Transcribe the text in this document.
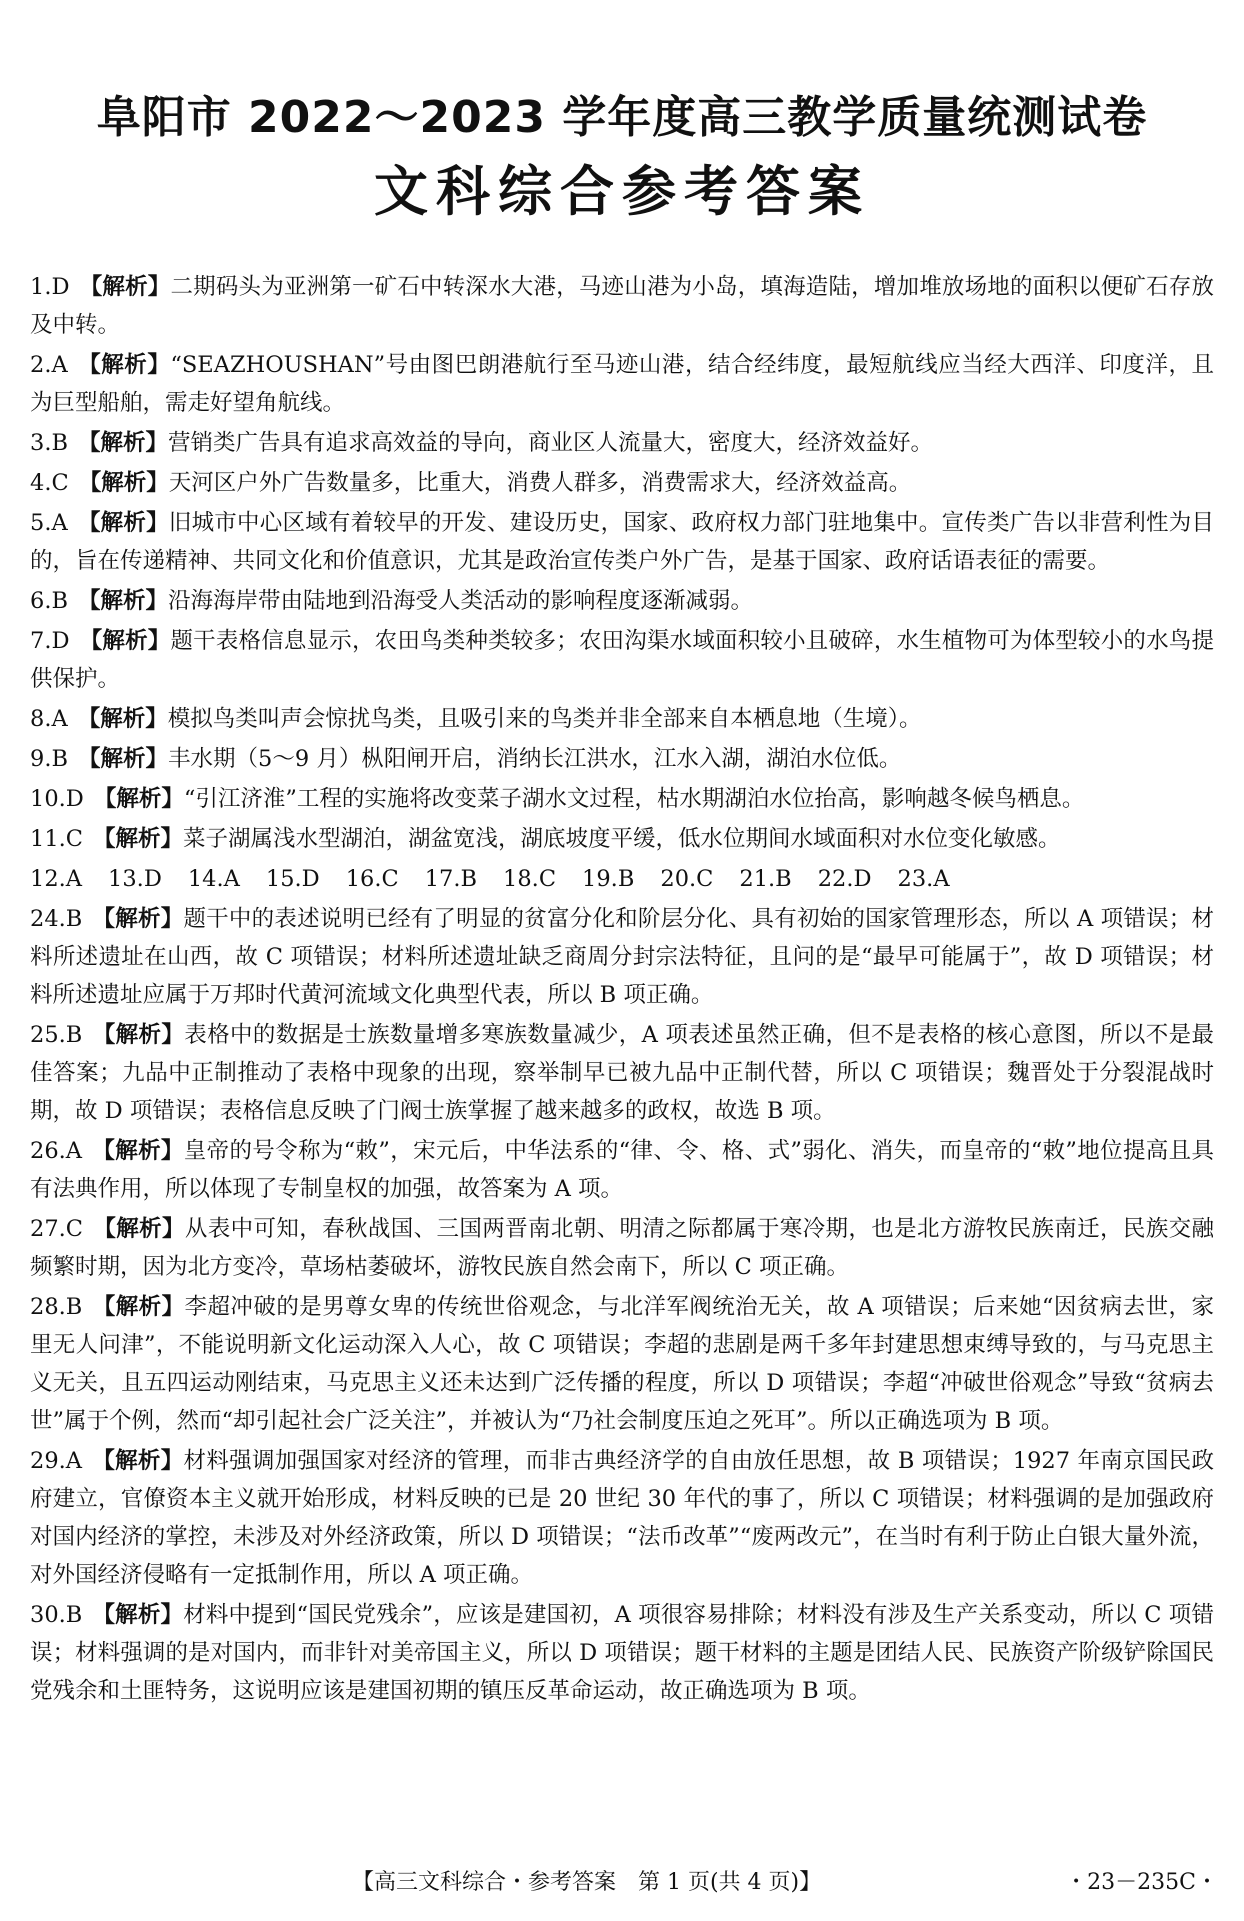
阜阳市 2022～2023 学年度高三教学质量统测试卷
文科综合参考答案
1.D 【解析】二期码头为亚洲第一矿石中转深水大港，马迹山港为小岛，填海造陆，增加堆放场地的面积以便矿石存放及中转。
2.A 【解析】“SEAZHOUSHAN”号由图巴朗港航行至马迹山港，结合经纬度，最短航线应当经大西洋、印度洋，且为巨型船舶，需走好望角航线。
3.B 【解析】营销类广告具有追求高效益的导向，商业区人流量大，密度大，经济效益好。
4.C 【解析】天河区户外广告数量多，比重大，消费人群多，消费需求大，经济效益高。
5.A 【解析】旧城市中心区域有着较早的开发、建设历史，国家、政府权力部门驻地集中。宣传类广告以非营利性为目的，旨在传递精神、共同文化和价值意识，尤其是政治宣传类户外广告，是基于国家、政府话语表征的需要。
6.B 【解析】沿海海岸带由陆地到沿海受人类活动的影响程度逐渐减弱。
7.D 【解析】题干表格信息显示，农田鸟类种类较多；农田沟渠水域面积较小且破碎，水生植物可为体型较小的水鸟提供保护。
8.A 【解析】模拟鸟类叫声会惊扰鸟类，且吸引来的鸟类并非全部来自本栖息地（生境）。
9.B 【解析】丰水期（5～9 月）枞阳闸开启，消纳长江洪水，江水入湖，湖泊水位低。
10.D 【解析】“引江济淮”工程的实施将改变菜子湖水文过程，枯水期湖泊水位抬高，影响越冬候鸟栖息。
11.C 【解析】菜子湖属浅水型湖泊，湖盆宽浅，湖底坡度平缓，低水位期间水域面积对水位变化敏感。
12.A 13.D 14.A 15.D 16.C 17.B 18.C 19.B 20.C 21.B 22.D 23.A
24.B 【解析】题干中的表述说明已经有了明显的贫富分化和阶层分化、具有初始的国家管理形态，所以 A 项错误；材料所述遗址在山西，故 C 项错误；材料所述遗址缺乏商周分封宗法特征，且问的是“最早可能属于”，故 D 项错误；材料所述遗址应属于万邦时代黄河流域文化典型代表，所以 B 项正确。
25.B 【解析】表格中的数据是士族数量增多寒族数量减少，A 项表述虽然正确，但不是表格的核心意图，所以不是最佳答案；九品中正制推动了表格中现象的出现，察举制早已被九品中正制代替，所以 C 项错误；魏晋处于分裂混战时期，故 D 项错误；表格信息反映了门阀士族掌握了越来越多的政权，故选 B 项。
26.A 【解析】皇帝的号令称为“敕”，宋元后，中华法系的“律、令、格、式”弱化、消失，而皇帝的“敕”地位提高且具有法典作用，所以体现了专制皇权的加强，故答案为 A 项。
27.C 【解析】从表中可知，春秋战国、三国两晋南北朝、明清之际都属于寒冷期，也是北方游牧民族南迁，民族交融频繁时期，因为北方变冷，草场枯萎破坏，游牧民族自然会南下，所以 C 项正确。
28.B 【解析】李超冲破的是男尊女卑的传统世俗观念，与北洋军阀统治无关，故 A 项错误；后来她“因贫病去世，家里无人问津”，不能说明新文化运动深入人心，故 C 项错误；李超的悲剧是两千多年封建思想束缚导致的，与马克思主义无关，且五四运动刚结束，马克思主义还未达到广泛传播的程度，所以 D 项错误；李超“冲破世俗观念”导致“贫病去世”属于个例，然而“却引起社会广泛关注”，并被认为“乃社会制度压迫之死耳”。所以正确选项为 B 项。
29.A 【解析】材料强调加强国家对经济的管理，而非古典经济学的自由放任思想，故 B 项错误；1927 年南京国民政府建立，官僚资本主义就开始形成，材料反映的已是 20 世纪 30 年代的事了，所以 C 项错误；材料强调的是加强政府对国内经济的掌控，未涉及对外经济政策，所以 D 项错误；“法币改革”“废两改元”，在当时有利于防止白银大量外流，对外国经济侵略有一定抵制作用，所以 A 项正确。
30.B 【解析】材料中提到“国民党残余”，应该是建国初，A 项很容易排除；材料没有涉及生产关系变动，所以 C 项错误；材料强调的是对国内，而非针对美帝国主义，所以 D 项错误；题干材料的主题是团结人民、民族资产阶级铲除国民党残余和土匪特务，这说明应该是建国初期的镇压反革命运动，故正确选项为 B 项。
【高三文科综合・参考答案　第 1 页(共 4 页)】	・23－235C・
